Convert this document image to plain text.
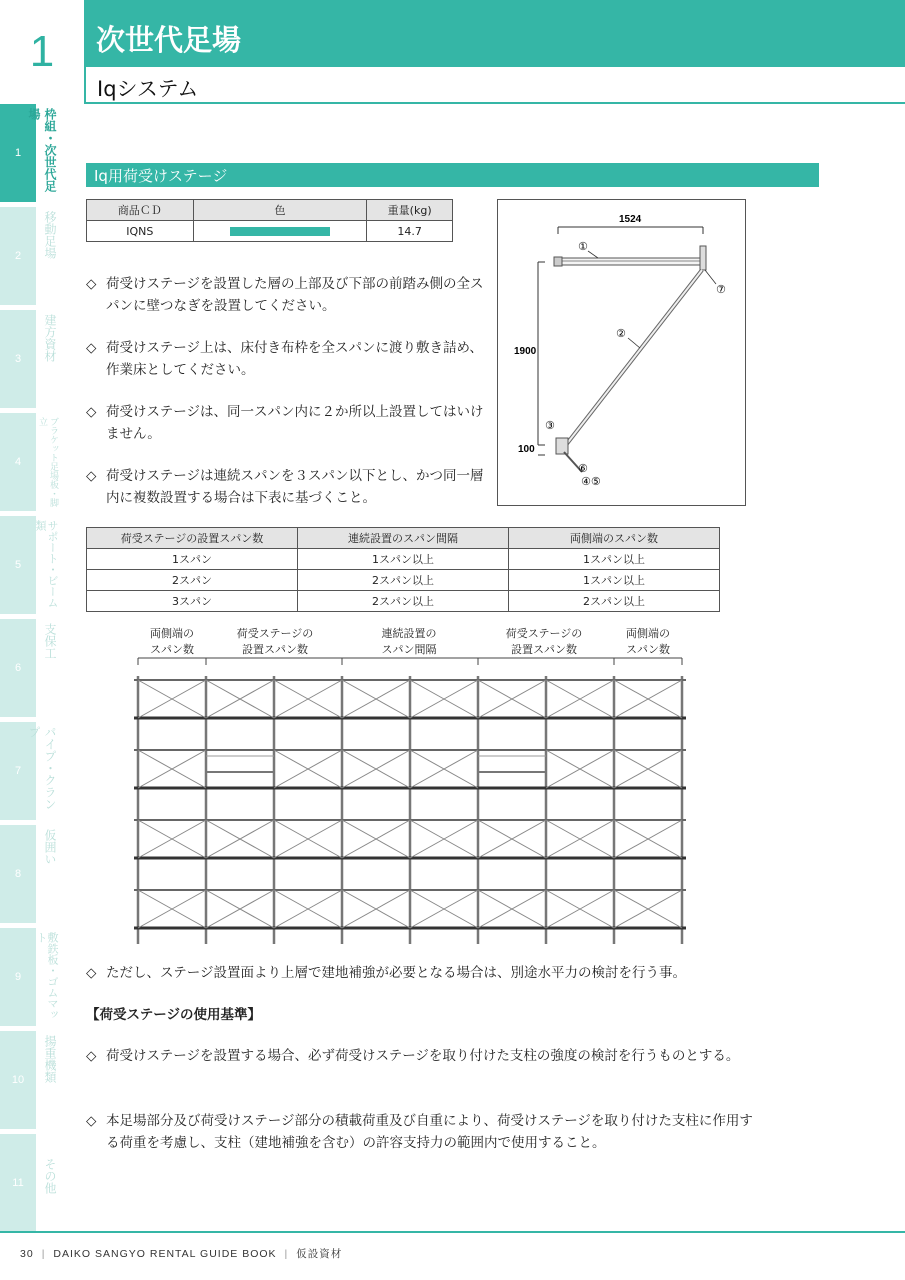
1	次世代足場
Iqシステム
1	枠組・次世代足場
2	移動足場
3	建方資材
4	ブラケット足場板・脚立
5	サポート・ビーム類
6
支保工
7	パイプ・クランプ
8
仮囲い
9	敷鉄板・ゴムマット
10	揚重機類
11	その他
Iq用荷受けステージ
商品ＣＤ	色	重量(kg)
IQNS		14.7
◇ 荷受けステージを設置した層の上部及び下部の前踏み側の全スパンに壁つなぎを設置してください。
◇ 荷受けステージ上は、床付き布枠を全スパンに渡り敷き詰め、作業床としてください。
◇ 荷受けステージは、同一スパン内に２か所以上設置してはいけません。
◇ 荷受けステージは連続スパンを３スパン以下とし、かつ同一層内に複数設置する場合は下表に基づくこと。
1524
1900
100
①
②
③
⑥
④⑤
⑦
荷受ステージの設置スパン数	連続設置のスパン間隔	両側端のスパン数
1スパン	1スパン以上	1スパン以上
2スパン	2スパン以上	1スパン以上
3スパン	2スパン以上	2スパン以上
両側端の
スパン数
荷受ステージの
設置スパン数
連続設置の
スパン間隔
荷受ステージの
設置スパン数
両側端の
スパン数
◇ ただし、ステージ設置面より上層で建地補強が必要となる場合は、別途水平力の検討を行う事。
【荷受ステージの使用基準】
◇ 荷受けステージを設置する場合、必ず荷受けステージを取り付けた支柱の強度の検討を行うものとする。
◇ 本足場部分及び荷受けステージ部分の積載荷重及び自重により、荷受けステージを取り付けた支柱に作用する荷重を考慮し、支柱（建地補強を含む）の許容支持力の範囲内で使用すること。
30 | DAIKO SANGYO RENTAL GUIDE BOOK | 仮設資材
